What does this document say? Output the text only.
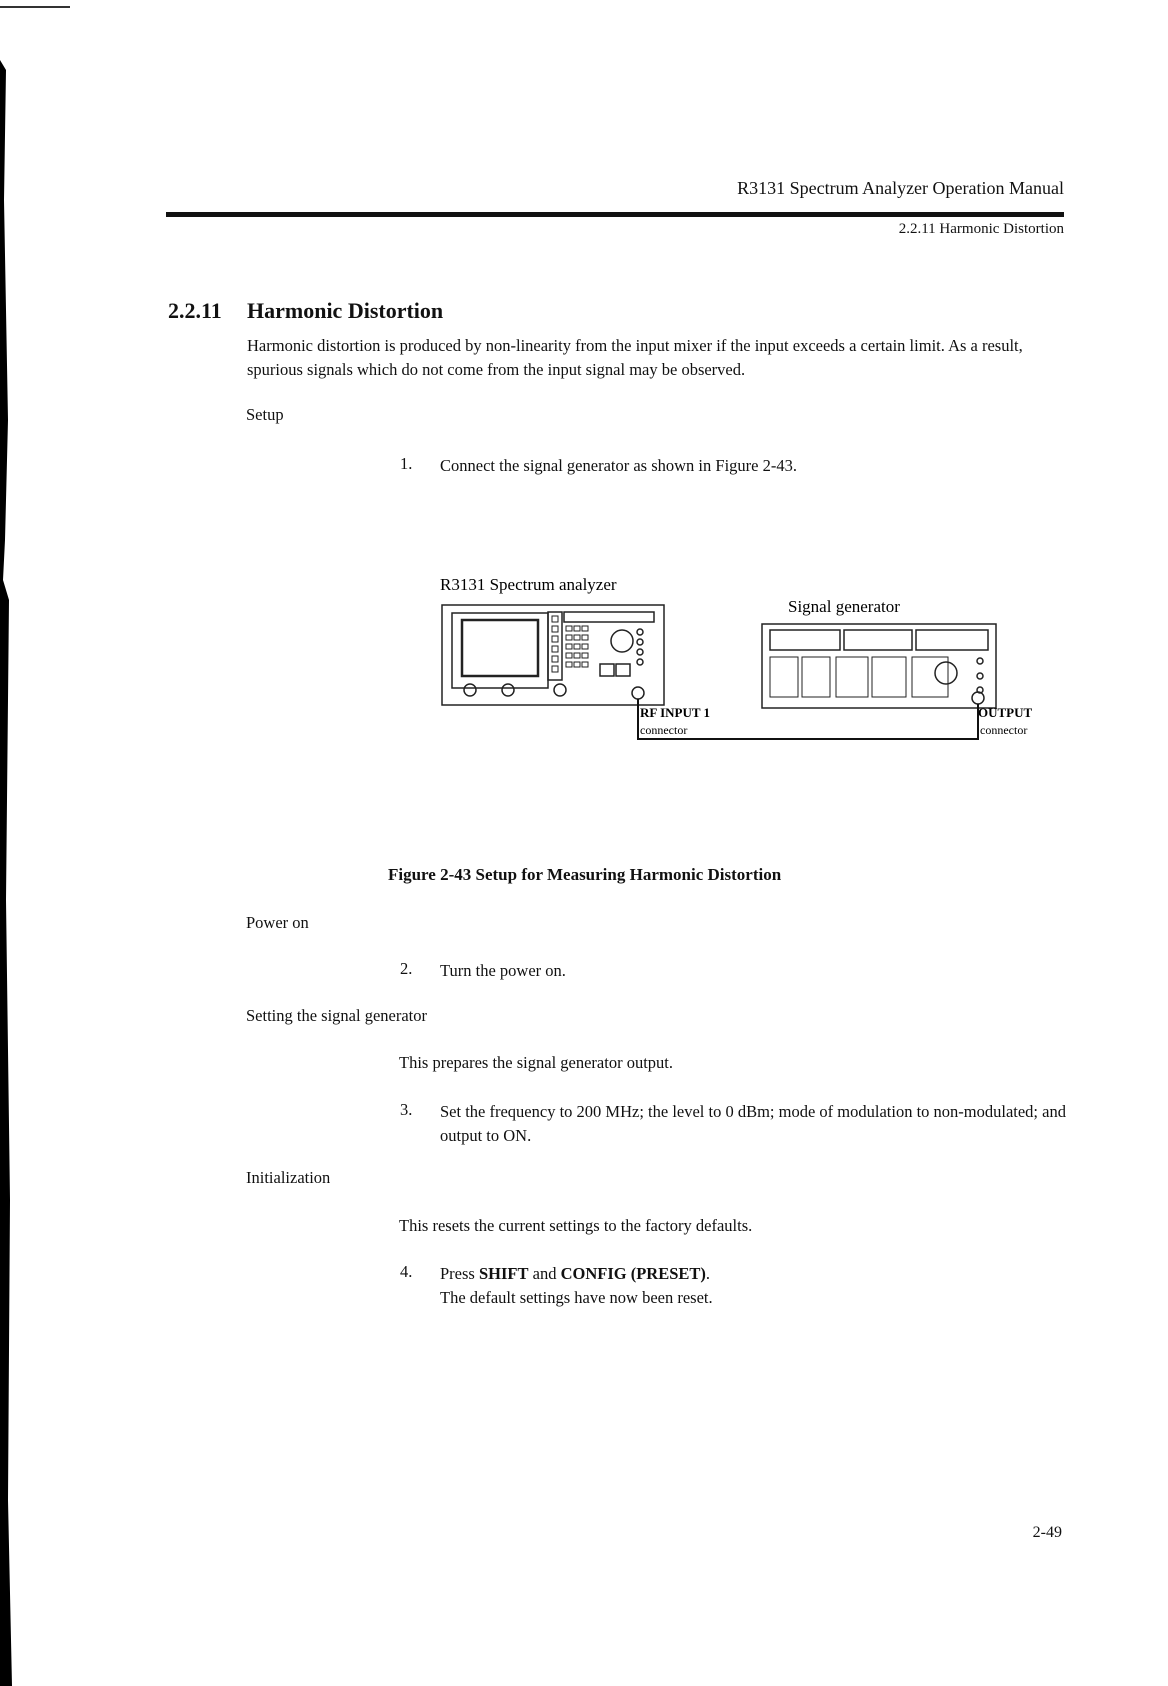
R3131 Spectrum Analyzer Operation Manual
2.2.11 Harmonic Distortion
2.2.11 Harmonic Distortion
Harmonic distortion is produced by non-linearity from the input mixer if the input exceeds a certain limit. As a result, spurious signals which do not come from the input signal may be observed.
Setup
1. Connect the signal generator as shown in Figure 2-43.
R3131 Spectrum analyzer
Signal generator
RF INPUT 1
connector
OUTPUT
connector
Figure 2-43 Setup for Measuring Harmonic Distortion
Power on
2. Turn the power on.
Setting the signal generator
This prepares the signal generator output.
3. Set the frequency to 200 MHz; the level to 0 dBm; mode of modulation to non-modulated; and output to ON.
Initialization
This resets the current settings to the factory defaults.
4. Press SHIFT and CONFIG (PRESET).
The default settings have now been reset.
2-49
